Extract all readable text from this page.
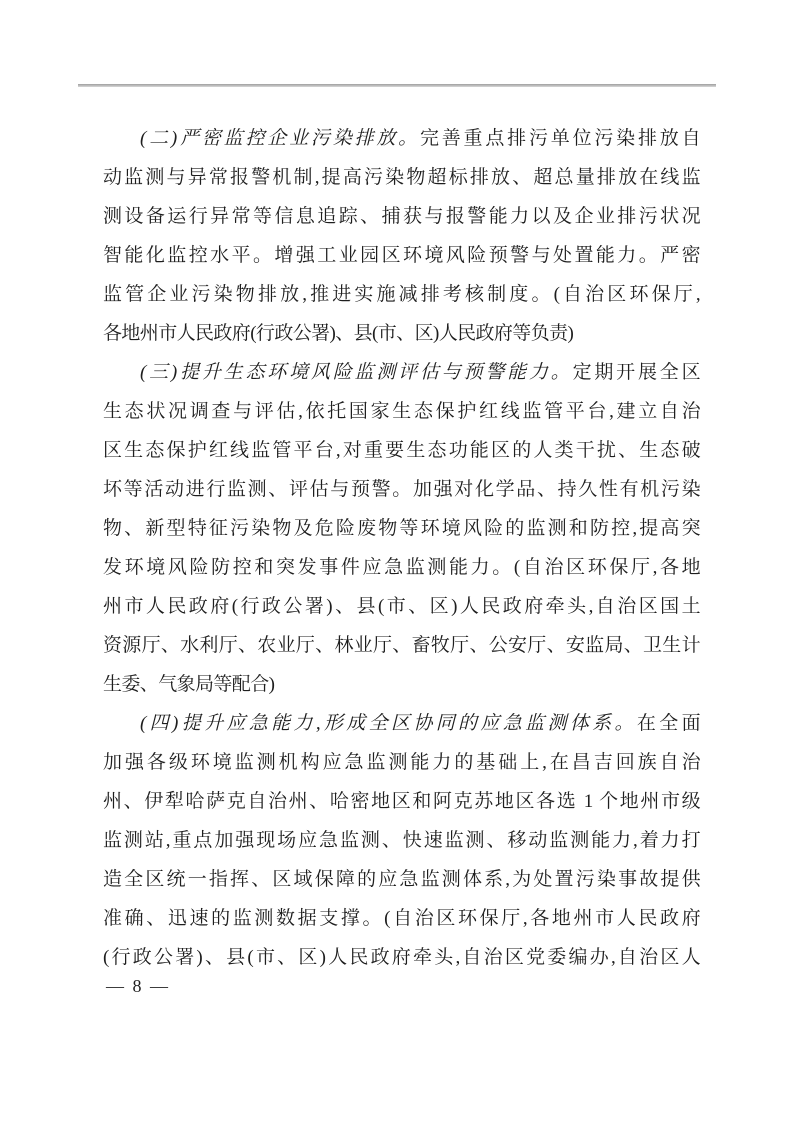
(二)严密监控企业污染排放。完善重点排污单位污染排放自
动监测与异常报警机制,提高污染物超标排放、超总量排放在线监
测设备运行异常等信息追踪、捕获与报警能力以及企业排污状况
智能化监控水平。增强工业园区环境风险预警与处置能力。严密
监管企业污染物排放,推进实施减排考核制度。(自治区环保厅,
各地州市人民政府(行政公署)、县(市、区)人民政府等负责)
(三)提升生态环境风险监测评估与预警能力。定期开展全区
生态状况调查与评估,依托国家生态保护红线监管平台,建立自治
区生态保护红线监管平台,对重要生态功能区的人类干扰、生态破
坏等活动进行监测、评估与预警。加强对化学品、持久性有机污染
物、新型特征污染物及危险废物等环境风险的监测和防控,提高突
发环境风险防控和突发事件应急监测能力。(自治区环保厅,各地
州市人民政府(行政公署)、县(市、区)人民政府牵头,自治区国土
资源厅、水利厅、农业厅、林业厅、畜牧厅、公安厅、安监局、卫生计
生委、气象局等配合)
(四)提升应急能力,形成全区协同的应急监测体系。在全面
加强各级环境监测机构应急监测能力的基础上,在昌吉回族自治
州、伊犁哈萨克自治州、哈密地区和阿克苏地区各选 1 个地州市级
监测站,重点加强现场应急监测、快速监测、移动监测能力,着力打
造全区统一指挥、区域保障的应急监测体系,为处置污染事故提供
准确、迅速的监测数据支撑。(自治区环保厅,各地州市人民政府
(行政公署)、县(市、区)人民政府牵头,自治区党委编办,自治区人
— 8 —
